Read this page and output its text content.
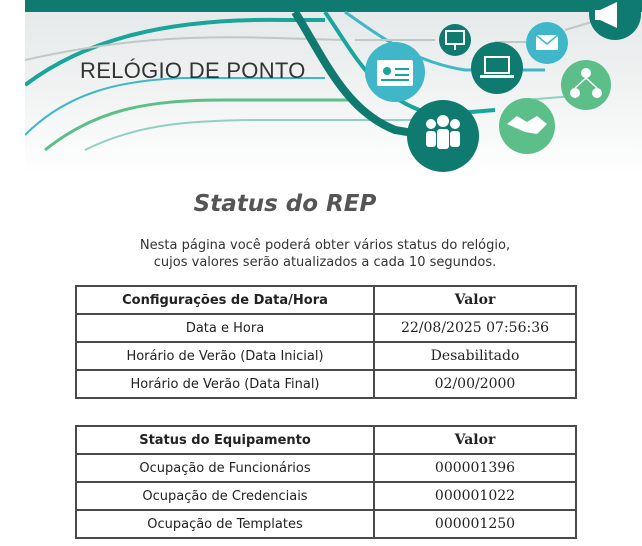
RELÓGIO DE PONTO
Status do REP
Nesta página você poderá obter vários status do relógio,
cujos valores serão atualizados a cada 10 segundos.
Configurações de Data/Hora	Valor
Data e Hora	22/08/2025 07:56:36
Horário de Verão (Data Inicial)	Desabilitado
Horário de Verão (Data Final)	02/00/2000
Status do Equipamento	Valor
Ocupação de Funcionários	000001396
Ocupação de Credenciais	000001022
Ocupação de Templates	000001250
